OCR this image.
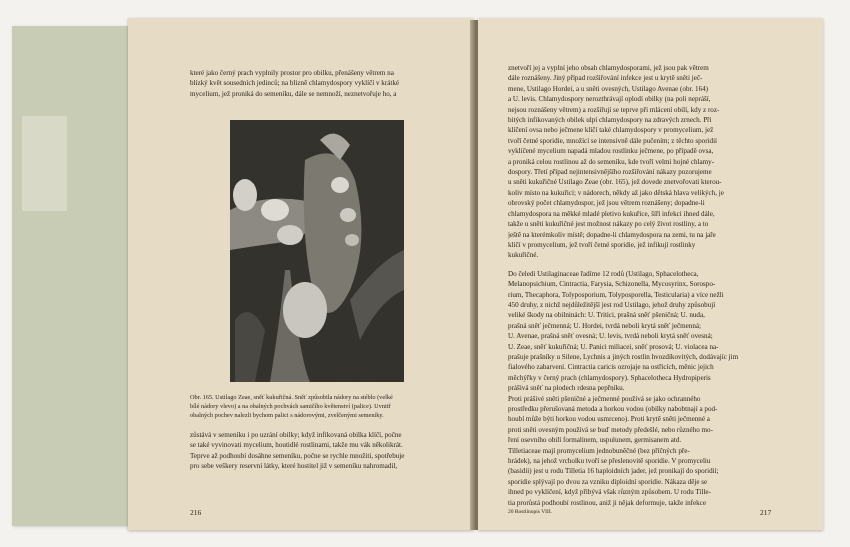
které jako černý prach vyplnily prostor pro obilku, přenášeny větrem na
blízký květ sousedních jedinců; na blizně chlamydospory vyklíčí v krátké
mycelium, jež proniká do semeníku, dále se nemnoží, neznetvořuje ho, a
Foto dr F. A. Novák.
Obr. 165. Ustilago Zeae, sněť kukuřičná. Sněť způsobila nádory na stéblo (velké
bílé nádory vlevo) a na obalných pochvách samičího květenství (palice). Uvnitř
obalných pochev nalezli bychom palici s nádorovými, zvelčenými semeníky.
zůstává v semeníku i po uzrání obilky; když infikovaná obilka klíčí, počne
se také vyvinovati mycelium, houtidlé rostlinami, takže mu vák několikrát.
Teprve až podhoubí dosáhne semeníku, počne se rychle množiti, spotřebuje
pro sebe veškery reservní látky, které hostitel již v semeníku nahromadil,
216
znetvoří jej a vyplní jeho obsah chlamydosporami, jež jsou pak větrem
dále roznášeny. Jiný případ rozšiřování infekce jest u krytě sněti ječ-
mene, Ustilago Hordei, a u sněti ovesných, Ustilago Avenae (obr. 164)
a U. levis. Chlamydospory nerozthrávají oplodí obilky (na poli nepráší,
nejsou roznášeny větrem) a rozšiřují se teprve při mlácení obilí, kdy z roz-
bitých infikovaných obilek ulpí chlamydospory na zdravých zrnech. Při
klíčení ovsa nebo ječmene klíčí také chlamydospory v promycelium, jež
tvoří četné sporidie, množící se intensivně dále pučením; z těchto sporidií
vyklíčené mycelium napadá mladou rostlinku ječmene, po případě ovsa,
a proniká celou rostlinou až do semeníku, kde tvoří velmi hojné chlamy-
dospory. Třetí případ nejintensivnějšího rozšiřování nákazy pozorujeme
u sněti kukuřičné Ustilago Zeae (obr. 165), jež dovede znetvořovati kterou-
koliv místo na kukuřici; v nádorech, někdy až jako dětská hlava velikých, je
obrovský počet chlamydospor, jež jsou větrem roznášeny; dopadne-li
chlamydospora na měkké mladé pletivo kukuřice, šíří infekci ihned dále,
takže u sněti kukuřičné jest možnost nákazy po celý život rostliny, a to
ještě na kterémkoliv místě; dopadne-li chlamydospora na zemi, tu na jaře
klíčí v promycelium, jež tvoří četné sporidie, jež infikují rostlinky
kukuřičné.
Do čeledi Ustilaginaceae řadíme 12 rodů (Ustilago, Sphacelotheca,
Melanopsichium, Cintractia, Farysia, Schizonella, Mycosyrinx, Sorospo-
rium, Thecaphora, Tolyposporium, Tolyposporella, Testicularia) a více nežli
450 druhy, z nichž nejdůležitější jest rod Ustilago, jehož druhy způsobují
veliké škody na obilninách: U. Tritici, prašná sněť pšeničná; U. nuda,
prašná sněť ječmenná; U. Hordei, tvrdá neboli krytá sněť ječmenná;
U. Avenae, prašná sněť ovesná; U. levis, tvrdá neboli krytá sněť ovesná;
U. Zeae, sněť kukuřičná; U. Panici miliacei, sněť prosová; U. violacea na-
prašuje prašníky u Silene, Lychnis a jiných rostlin hvozdíkovitých, dodávajíc jim
fialového zabarvení. Cintractia caricis ozrojaje na ostřicích, měnic jejich
měchýřky v černý prach (chlamydospory). Sphacelotheca Hydropiperis
prášivá sněť na plodech rdesna pepřníku.
Proti prášivé sněti pšeničné a ječmenné používá se jako ochranného
prostředku přerušovaná metoda a horkou vodou (obilky nabobtnají a pod-
houbí může býti horkou vodou usmrceno). Proti krytě sněti ječmenné a
proti sněti ovesným používá se buď metody předešlé, nebo různého mo-
ření osevního obilí formalinem, uspulunem, germisanem atd.
Tilletiaceae mají promycelium jednobuněčné (bez příčných pře-
hrádek), na jehož vrcholku tvoří se přeslenovitě sporidie. V promyceliu
(basidii) jest u rodu Tilletia 16 haploidních jader, jež pronikají do sporidií;
sporidie splývají po dvou za vzniku diploidní sporidie. Nákaza děje se
ihned po vyklíčení, když přibývá však různým způsobem. U rodu Tille-
tia prorůstá podhoubí rostlinou, aniž ji nějak deformuje, takže infekce
20 Rostlinopis VIII.	217
